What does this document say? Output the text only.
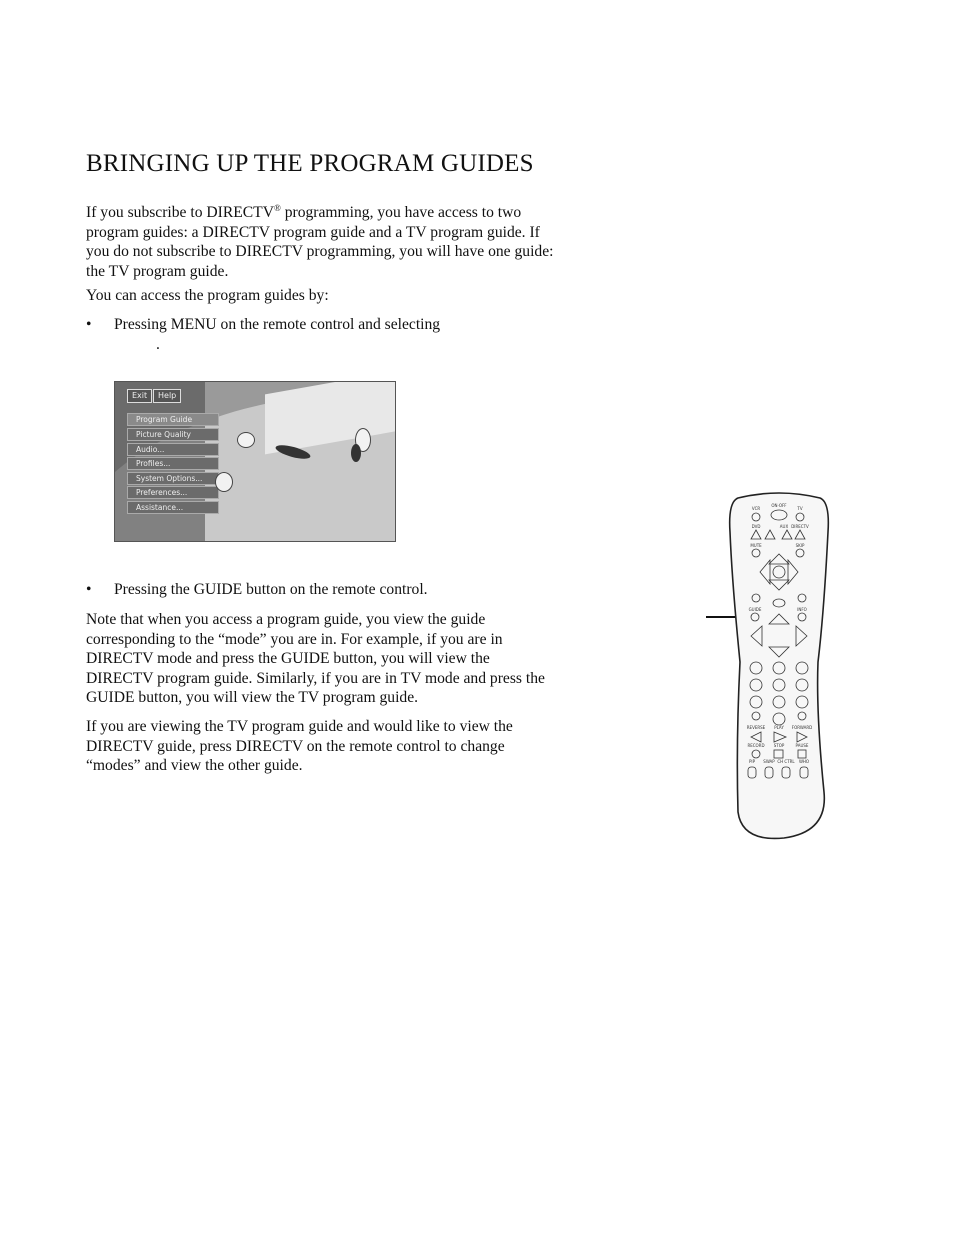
BRINGING UP THE PROGRAM GUIDES

If you subscribe to DIRECTV® programming, you have access to two program guides: a DIRECTV program guide and a TV program guide. If you do not subscribe to DIRECTV programming, you will have one guide: the TV program guide.

You can access the program guides by:

• Pressing MENU on the remote control and selecting
.
Exit	Help
Program Guide
Picture Quality
Audio...
Profiles...
System Options...
Preferences...
Assistance...
• Pressing the GUIDE button on the remote control.

Note that when you access a program guide, you view the guide corresponding to the “mode” you are in. For example, if you are in DIRECTV mode and press the GUIDE button, you will view the DIRECTV program guide. Similarly, if you are in TV mode and press the GUIDE button, you will view the TV program guide.

If you are viewing the TV program guide and would like to view the DIRECTV guide, press DIRECTV on the remote control to change “modes” and view the other guide.

VCR
ON·OFF
TV
DVD	AUX DIRECTV
MUTE	SKIP
GUIDE	INFO
REVERSE PLAY FORWARD
RECORD STOP	PAUSE
PIP SWAP CH CTRL WHO
